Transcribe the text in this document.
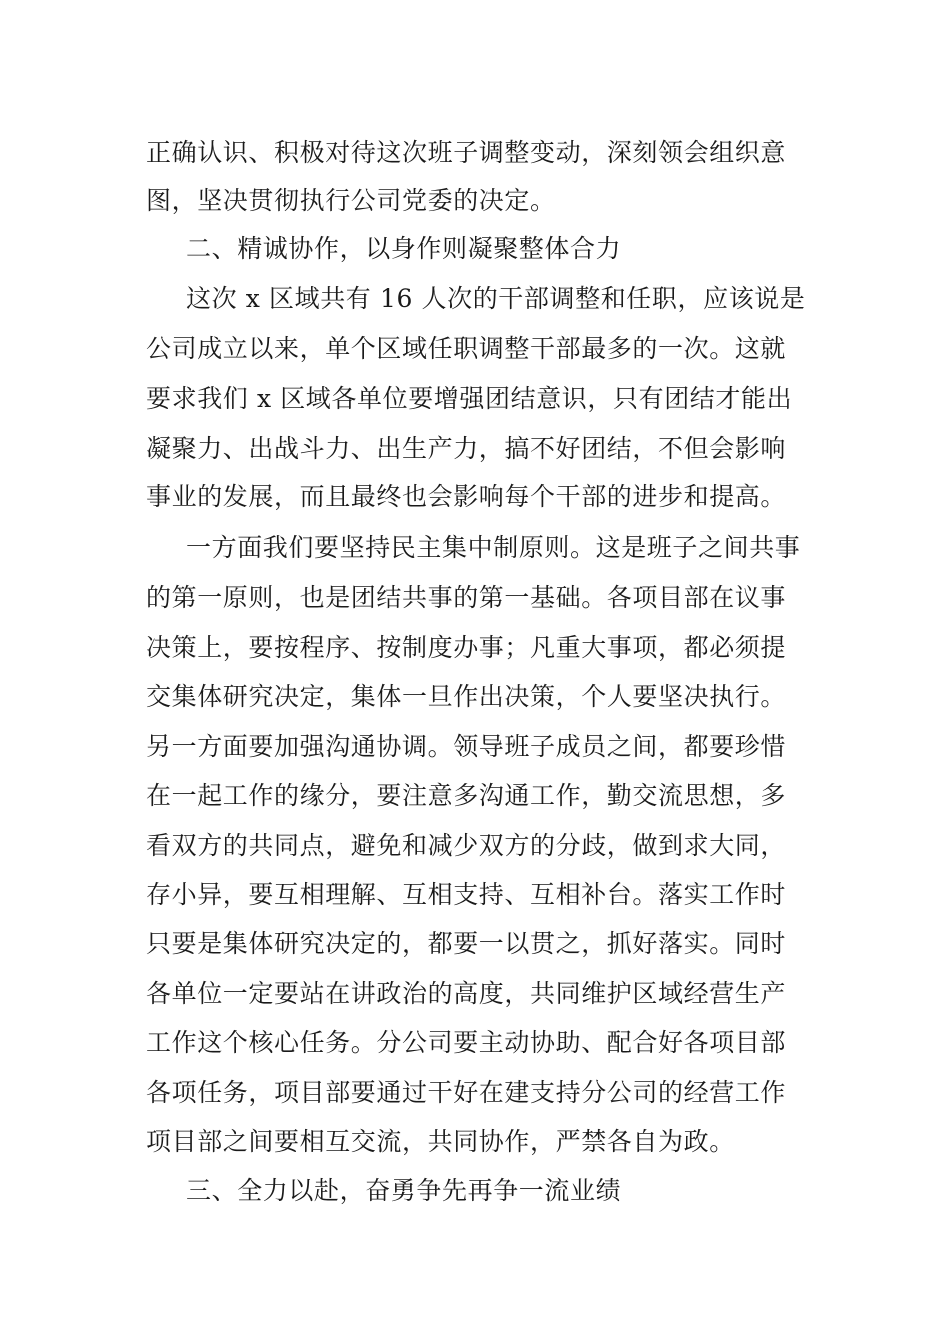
正确认识、积极对待这次班子调整变动，深刻领会组织意
图，坚决贯彻执行公司党委的决定。
二、精诚协作，以身作则凝聚整体合力
这次 x 区域共有 16 人次的干部调整和任职，应该说是
公司成立以来，单个区域任职调整干部最多的一次。这就
要求我们 x 区域各单位要增强团结意识，只有团结才能出
凝聚力、出战斗力、出生产力，搞不好团结，不但会影响
事业的发展，而且最终也会影响每个干部的进步和提高。
一方面我们要坚持民主集中制原则。这是班子之间共事
的第一原则，也是团结共事的第一基础。各项目部在议事
决策上，要按程序、按制度办事；凡重大事项，都必须提
交集体研究决定，集体一旦作出决策，个人要坚决执行。
另一方面要加强沟通协调。领导班子成员之间，都要珍惜
在一起工作的缘分，要注意多沟通工作，勤交流思想，多
看双方的共同点，避免和减少双方的分歧，做到求大同，
存小异，要互相理解、互相支持、互相补台。落实工作时
只要是集体研究决定的，都要一以贯之，抓好落实。同时
各单位一定要站在讲政治的高度，共同维护区域经营生产
工作这个核心任务。分公司要主动协助、配合好各项目部
各项任务，项目部要通过干好在建支持分公司的经营工作
项目部之间要相互交流，共同协作，严禁各自为政。
三、全力以赴，奋勇争先再争一流业绩
